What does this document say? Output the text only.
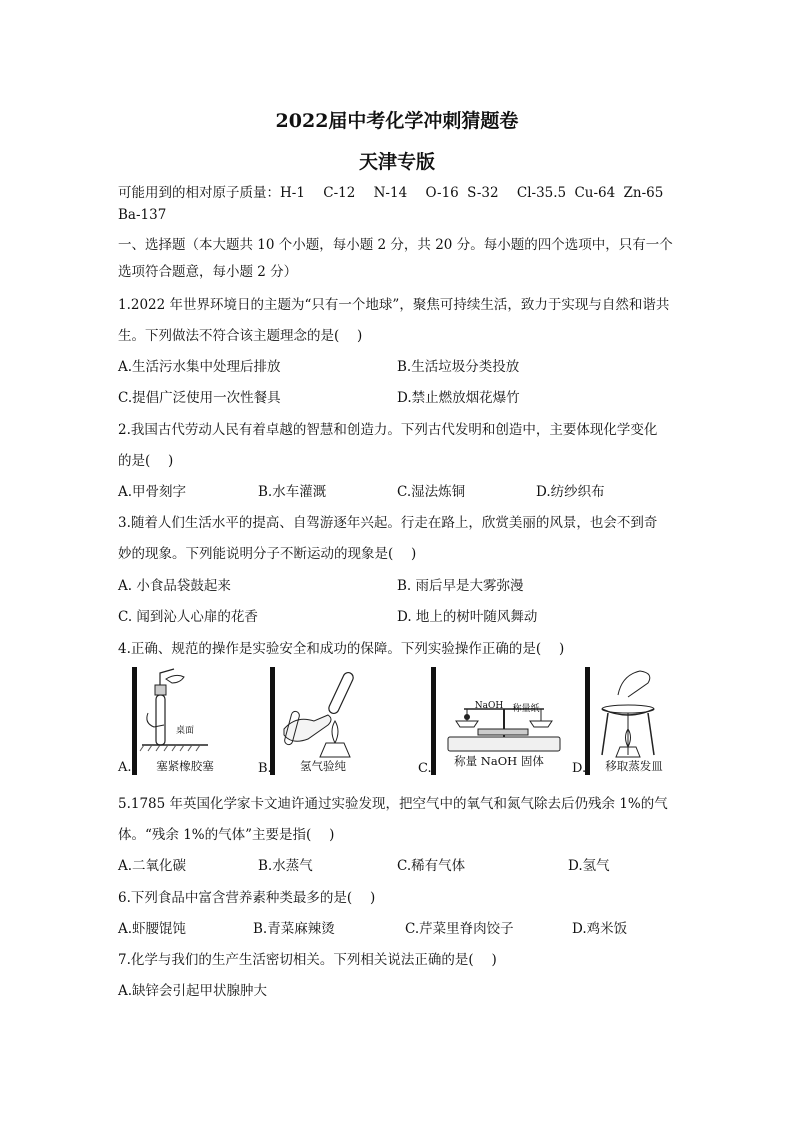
2022届中考化学冲刺猜题卷
天津专版
可能用到的相对原子质量：H-1 C-12 N-14 O-16 S-32 Cl-35.5 Cu-64 Zn-65
Ba-137
一、选择题（本大题共 10 个小题，每小题 2 分，共 20 分。每小题的四个选项中，只有一个
选项符合题意，每小题 2 分）
1.2022 年世界环境日的主题为“只有一个地球”，聚焦可持续生活，致力于实现与自然和谐共
生。下列做法不符合该主题理念的是(　 )
A.生活污水集中处理后排放	B.生活垃圾分类投放
C.提倡广泛使用一次性餐具	D.禁止燃放烟花爆竹
2.我国古代劳动人民有着卓越的智慧和创造力。下列古代发明和创造中，主要体现化学变化
的是(　 )
A.甲骨刻字	B.水车灌溉	C.湿法炼铜	D.纺纱织布
3.随着人们生活水平的提高、自驾游逐年兴起。行走在路上，欣赏美丽的风景，也会不到奇
妙的现象。下列能说明分子不断运动的现象是(　 )
A. 小食品袋鼓起来	B. 雨后早是大雾弥漫
C. 闻到沁人心扉的花香	D. 地上的树叶随风舞动
4.正确、规范的操作是实验安全和成功的保障。下列实验操作正确的是(　 )
A.	塞紧橡胶塞
桌面
B.	氢气验纯	C.	称量 NaOH 固体
NaOH	称量纸
D.	移取蒸发皿
5.1785 年英国化学家卡文迪许通过实验发现，把空气中的氧气和氮气除去后仍残余 1%的气
体。“残余 1%的气体”主要是指(　 )
A.二氧化碳	B.水蒸气	C.稀有气体	D.氢气
6.下列食品中富含营养素种类最多的是(　 )
A.虾腰馄饨	B.青菜麻辣烫	C.芹菜里脊肉饺子	D.鸡米饭
7.化学与我们的生产生活密切相关。下列相关说法正确的是(　 )
A.缺锌会引起甲状腺肿大
